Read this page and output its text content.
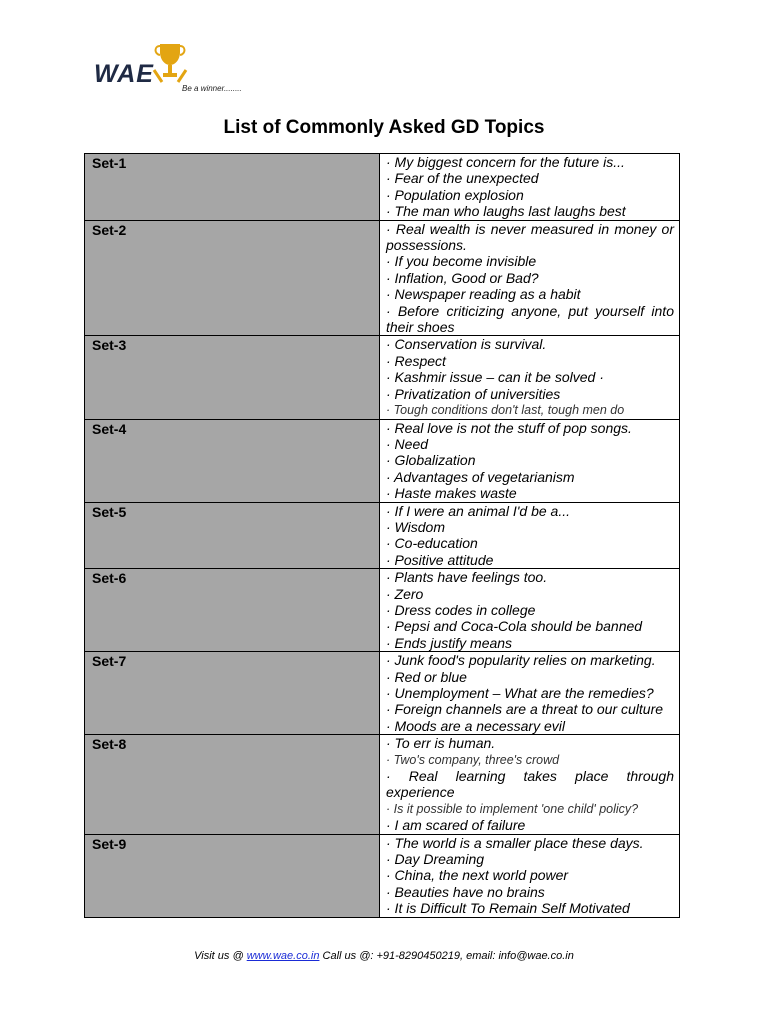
WAE
Be a winner........
List of Commonly Asked GD Topics
Set-1	· My biggest concern for the future is...
· Fear of the unexpected
· Population explosion
· The man who laughs last laughs best

Set-2	· Real wealth is never measured in money or possessions.
· If you become invisible
· Inflation, Good or Bad?
· Newspaper reading as a habit
· Before criticizing anyone, put yourself into their shoes

Set-3	· Conservation is survival.
· Respect
· Kashmir issue – can it be solved ·
· Privatization of universities
· Tough conditions don't last, tough men do

Set-4	· Real love is not the stuff of pop songs.
· Need
· Globalization
· Advantages of vegetarianism
· Haste makes waste

Set-5	· If I were an animal I'd be a...
· Wisdom
· Co-education
· Positive attitude

Set-6	· Plants have feelings too.
· Zero
· Dress codes in college
· Pepsi and Coca-Cola should be banned
· Ends justify means

Set-7	· Junk food's popularity relies on marketing.
· Red or blue
· Unemployment – What are the remedies?
· Foreign channels are a threat to our culture
· Moods are a necessary evil

Set-8	· To err is human.
· Two's company, three's crowd
· Real learning takes place through experience
· Is it possible to implement 'one child' policy?
· I am scared of failure

Set-9	· The world is a smaller place these days.
· Day Dreaming
· China, the next world power
· Beauties have no brains
· It is Difficult To Remain Self Motivated
Visit us @ www.wae.co.in Call us @: +91-8290450219, email: info@wae.co.in
